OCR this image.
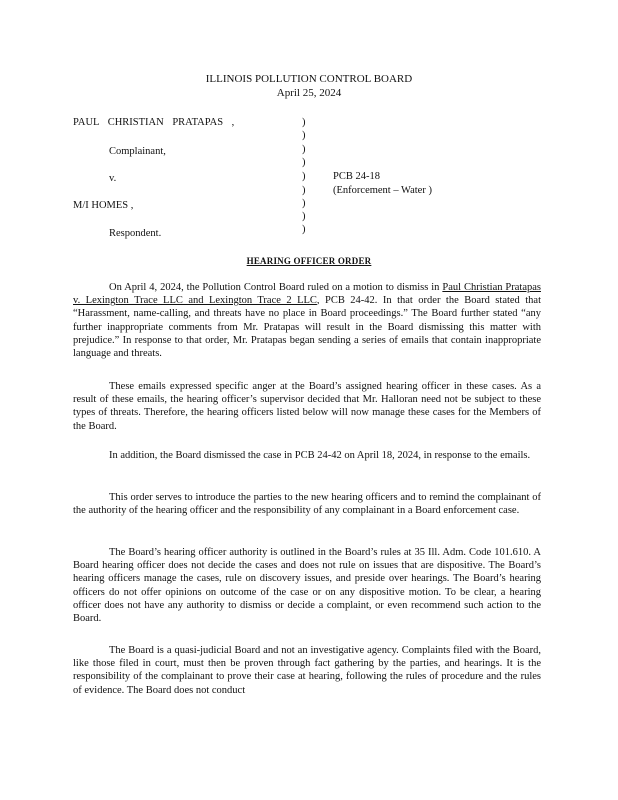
ILLINOIS POLLUTION CONTROL BOARD
April 25, 2024
PAUL CHRISTIAN PRATAPAS ,
Complainant,
v.
M/I HOMES ,
Respondent.
)
)
)
)
)
)
)
)
)
PCB 24-18
(Enforcement – Water )
HEARING OFFICER ORDER

On April 4, 2024, the Pollution Control Board ruled on a motion to dismiss in Paul Christian Pratapas v. Lexington Trace LLC and Lexington Trace 2 LLC, PCB 24-42. In that order the Board stated that “Harassment, name-calling, and threats have no place in Board proceedings.” The Board further stated “any further inappropriate comments from Mr. Pratapas will result in the Board dismissing this matter with prejudice.” In response to that order, Mr. Pratapas began sending a series of emails that contain inappropriate language and threats.

These emails expressed specific anger at the Board’s assigned hearing officer in these cases. As a result of these emails, the hearing officer’s supervisor decided that Mr. Halloran need not be subject to these types of threats. Therefore, the hearing officers listed below will now manage these cases for the Members of the Board.

In addition, the Board dismissed the case in PCB 24-42 on April 18, 2024, in response to the emails.

This order serves to introduce the parties to the new hearing officers and to remind the complainant of the authority of the hearing officer and the responsibility of any complainant in a Board enforcement case.

The Board’s hearing officer authority is outlined in the Board’s rules at 35 Ill. Adm. Code 101.610. A Board hearing officer does not decide the cases and does not rule on issues that are dispositive. The Board’s hearing officers manage the cases, rule on discovery issues, and preside over hearings. The Board’s hearing officers do not offer opinions on outcome of the case or on any dispositive motion. To be clear, a hearing officer does not have any authority to dismiss or decide a complaint, or even recommend such action to the Board.

The Board is a quasi-judicial Board and not an investigative agency. Complaints filed with the Board, like those filed in court, must then be proven through fact gathering by the parties, and hearings. It is the responsibility of the complainant to prove their case at hearing, following the rules of procedure and the rules of evidence. The Board does not conduct
